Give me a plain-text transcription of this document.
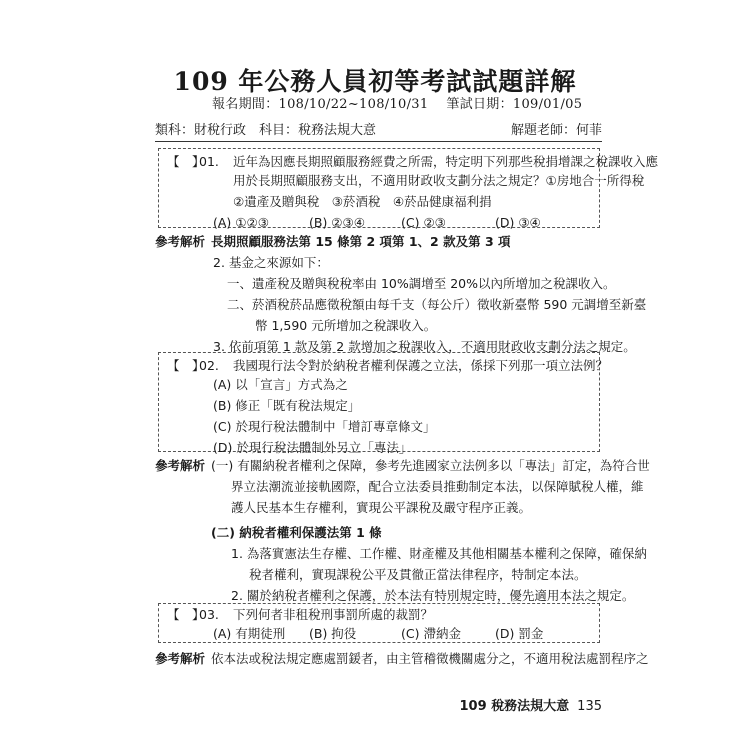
109 年公務人員初等考試試題詳解
報名期間：108/10/22~108/10/31 筆試日期：109/01/05
類科：財稅行政　科目：稅務法規大意	解題老師：何菲
【　】
01. 近年為因應長期照顧服務經費之所需，特定明下列那些稅捐增課之稅課收入應
用於長期照顧服務支出，不適用財政收支劃分法之規定？①房地合一所得稅
②遺產及贈與稅　③菸酒稅　④菸品健康福利捐
(A) ①②③	(B) ②③④	(C) ②③	(D) ③④
參考解析 長期照顧服務法第 15 條第 2 項第 1、2 款及第 3 項
2. 基金之來源如下：
一、遺產稅及贈與稅稅率由 10%調增至 20%以內所增加之稅課收入。
二、菸酒稅菸品應徵稅額由每千支（每公斤）徵收新臺幣 590 元調增至新臺
幣 1,590 元所增加之稅課收入。
3. 依前項第 1 款及第 2 款增加之稅課收入，不適用財政收支劃分法之規定。
【　】
02. 我國現行法令對於納稅者權利保護之立法，係採下列那一項立法例？
(A) 以「宣言」方式為之
(B) 修正「既有稅法規定」
(C) 於現行稅法體制中「增訂專章條文」
(D) 於現行稅法體制外另立「專法」
參考解析 (一) 有關納稅者權利之保障，參考先進國家立法例多以「專法」訂定，為符合世
界立法潮流並接軌國際，配合立法委員推動制定本法，以保障賦稅人權，維
護人民基本生存權利，實現公平課稅及嚴守程序正義。
(二) 納稅者權利保護法第 1 條
1. 為落實憲法生存權、工作權、財產權及其他相關基本權利之保障，確保納
稅者權利，實現課稅公平及貫徹正當法律程序，特制定本法。
2. 關於納稅者權利之保護，於本法有特別規定時，優先適用本法之規定。
【　】
03. 下列何者非租稅刑事罰所處的裁罰？
(A) 有期徒刑 (B) 拘役	(C) 滯納金	(D) 罰金
參考解析 依本法或稅法規定應處罰鍰者，由主管稽徵機關處分之，不適用稅法處罰程序之
109 稅務法規大意 135
